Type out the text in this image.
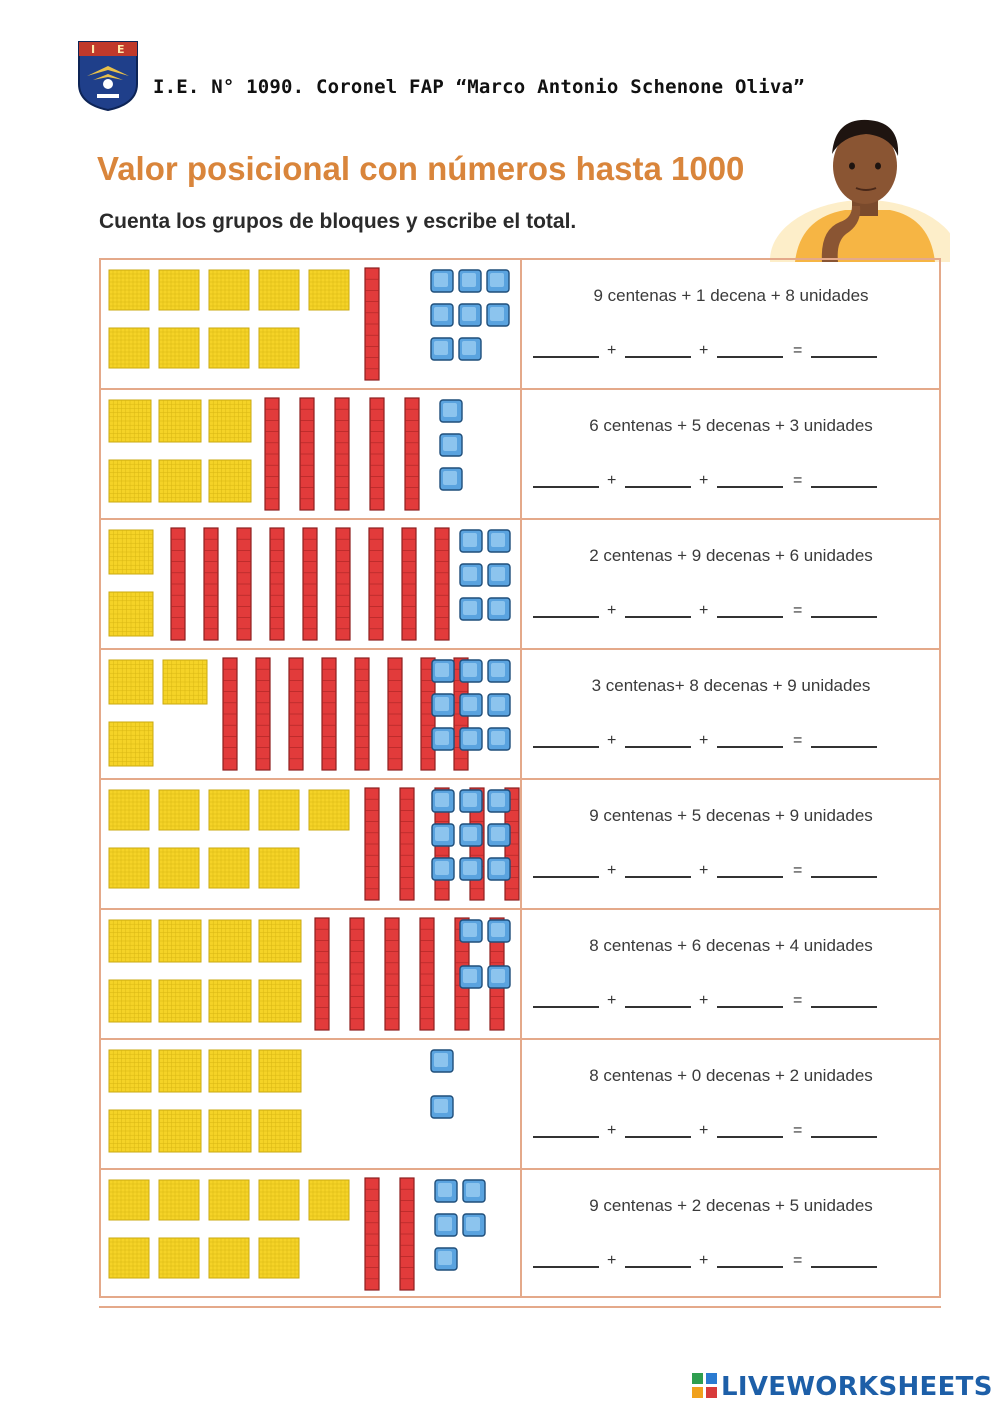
I E
I.E. N° 1090. Coronel FAP “Marco Antonio Schenone Oliva”
Valor posicional con números hasta 1000
Cuenta los grupos de bloques y escribe el total.
9 centenas + 1 decena + 8 unidades
+	+	=
6 centenas + 5 decenas + 3 unidades
+	+	=
2 centenas + 9 decenas + 6 unidades
+	+	=
3 centenas+ 8 decenas + 9 unidades
+	+	=
9 centenas + 5 decenas + 9 unidades
+	+	=
8 centenas + 6 decenas + 4 unidades
+	+	=
8 centenas + 0 decenas + 2 unidades
+	+	=
9 centenas + 2 decenas + 5 unidades
+	+	=
LIVEWORKSHEETS
